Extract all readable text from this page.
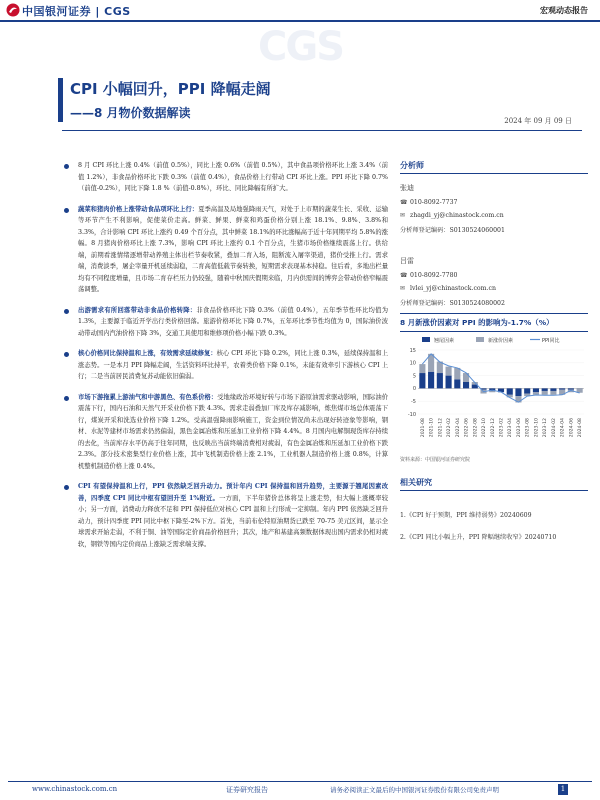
中国银河证券 | CGS	宏观动态报告
CGS
CPI 小幅回升，PPI 降幅走阔
——8 月物价数据解读
2024 年 09 月 09 日
8 月 CPI 环比上涨 0.4%（前值 0.5%），同比上涨 0.6%（前值 0.5%），其中食品项价格环比上涨 3.4%（前值 1.2%），非食品价格环比下跌 0.3%（前值 0.4%），食品价格上行带动 CPI 环比上涨。PPI 环比下降 0.7%（前值-0.2%），同比下降 1.8 %（前值-0.8%），环比、同比降幅有所扩大。
蔬菜和猪肉价格上涨带动食品项环比上行：夏季高温及局地强降雨天气，对处于上市期的蔬菜生长、采收、运输等环节产生不利影响，促使菜价走高。鲜菜、鲜果、鲜菜和鸡蛋价格分别上涨 18.1%、9.8%、3.8%和 3.3%，合计影响 CPI 环比上涨约 0.49 个百分点，其中鲜菜 18.1%的环比涨幅高于近十年同期平均 5.8%的涨幅。8 月猪肉价格环比上涨 7.3%，影响 CPI 环比上涨约 0.1 个百分点，生猪市场价格继续震荡上行。供给端，前期看涨情绪逐增带动养殖主体出栏节奏收紧，叠加二育入场，阻断流入屠宰渠道，猪价受推上行。需求端，消费淡季，屠企宰量开机延续弱稳，二育高值低载节奏转换，短期需求表现基本持稳。往后看，多地出栏量均有不同程度增量，且市场二育存栏压力仍较强，随着中秋国庆假期来临，月内供需间的博弈会带动价格窄幅震荡调整。
出游需求有所回落带动非食品价格转降：非食品价格环比下降 0.3%（前值 0.4%），五年季节性环比均值为 1.3%，主要源于临近开学出行类价格回落。旅游价格环比下降 0.7%，五年环比季节性均值为 0，国际油价波动带动国内汽油价格下降 3%，交通工具使用和维修项价格小幅下跌 0.3%。
核心价格同比保持温和上涨，有效需求延续修复：核心 CPI 环比下降 0.2%，同比上涨 0.3%，延续保持温和上涨态势。一是本月 PPI 降幅走阔，生活资料环比持平，农着类价格下降 0.1%，未能有效牵引下游核心 CPI 上行；二是当前居民消费复苏动能依旧偏弱。
市场下游拖累上游油气和中游黑色、有色系价格：受地缘政治环境好转与市场下游原油需求驱动影响，国际油价震荡下行，国内石油和天然气开采业价格下跌 4.3%。需求走弱叠加厂库及库存减影响，炼焦煤市场总体震荡下行，煤炭开采和洗选业价格下降 1.2%。受高温强降雨影响施工，资金到位情况尚未出现好转迹象等影响，钢材、水泥等建材市场需求仍然偏弱，黑色金属冶炼和压延加工业价格下降 4.4%。8 月国内电解铜现货库存持续的去化，当前库存水平仍高于往年同期，也反映出当前终端消费相对疲弱，有色金属冶炼和压延加工业价格下跌 2.3%。部分技术密集型行业价格上涨，其中飞机制造价格上涨 2.1%，工业机器人制造价格上涨 0.8%，计算机整机制造价格上涨 0.4%。
CPI 有望保持温和上行，PPI 依然缺乏回升动力。预计年内 CPI 保持温和回升趋势，主要源于翘尾因素改善，四季度 CPI 同比中枢有望回升至 1%附近。一方面，下半年猪价总体将呈上涨走势，但大幅上涨概率较小；另一方面，消费动力释放不足和 PPI 保持低位对核心 CPI 温和上行形成一定抑制。年内 PPI 依然缺乏回升动力，预计四季度 PPI 同比中枢下降至-2%下方。首先，当前布伦特原油期货已跌至 70-75 美元区间，显示全球需求开始走弱，不利于铜、油等国际定价商品价格回升；其次，地产和基建高频数据体现出国内需求仍相对疲软，钢铁等国内定价商品上涨缺乏需求端支撑。
分析师
张迪
☎ 010-8092-7737
✉ zhagdi_yj@chinastock.com.cn
分析师登记编码：S0130524060001
吕雷
☎ 010-8092-7780
✉ lvlei_yj@chinastock.com.cn
分析师登记编码：S0130524080002
8 月新涨价因素对 PPI 的影响为-1.7%（%）
翘尾因素	新涨价因素	PPI同比
15
10
5
0
-5
-10
2021-08 2021-10 2021-12 2022-02 2022-04 2022-06 2022-08 2022-10 2022-12 2023-02 2023-04 2023-06 2023-08 2023-10 2023-12 2024-02 2024-04 2024-06 2024-08
资料来源：中国银河证券研究院
相关研究
1.《CPI 好于预期，PPI 维持弱势》20240609
2.《CPI 同比小幅上升，PPI 降幅继续收窄》20240710
www.chinastock.com.cn	证券研究报告	请务必阅读正文最后的中国银河证券股份有限公司免责声明	1
